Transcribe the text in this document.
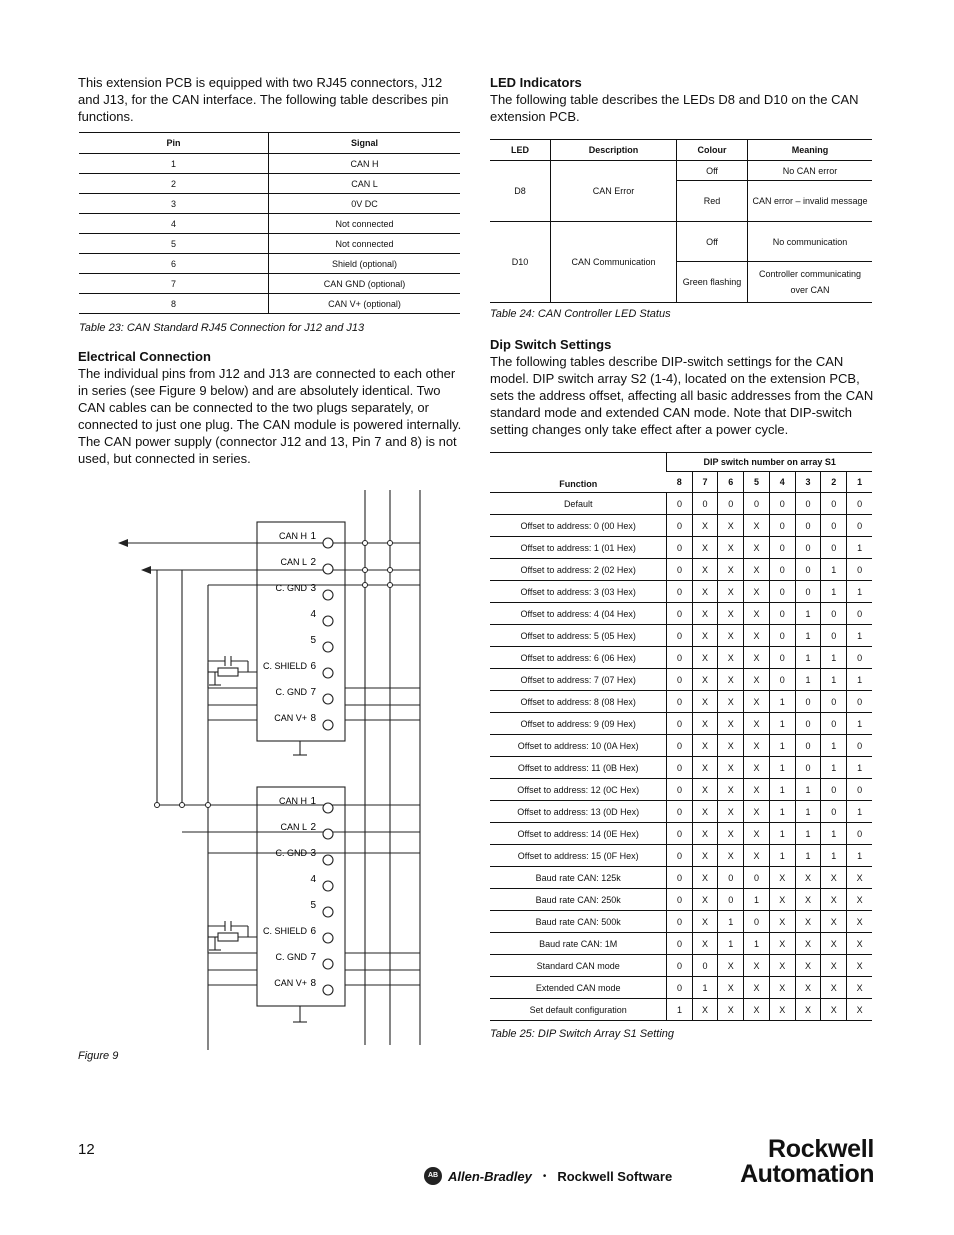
This extension PCB is equipped with two RJ45 connectors, J12 and J13, for the CAN interface. The following table describes pin functions.

Pin	Signal
1	CAN H
2	CAN L
3	0V DC
4	Not connected
5	Not connected
6	Shield (optional)
7	CAN GND (optional)
8	CAN V+ (optional)
Table 23: CAN Standard RJ45 Connection for J12 and J13

Electrical Connection

The individual pins from J12 and J13 are connected to each other in series (see Figure 9 below) and are absolutely identical. Two CAN cables can be connected to the two plugs separately, or connected to just one plug. The CAN module is powered internally. The CAN power supply (connector J12 and 13, Pin 7 and 8) is not used, but connected in series.

1
CAN H
2
CAN L
3
C. GND
4
5
6
C. SHIELD
7
C. GND
8
CAN V+
1
CAN H
2
CAN L
3
C. GND
4
5
6
C. SHIELD
7
C. GND
8
CAN V+
Figure 9

LED Indicators

The following table describes the LEDs D8 and D10 on the CAN extension PCB.

LED	Description	Colour	Meaning
D8	CAN Error	Off	No CAN error
		Red	CAN error – invalid message
D10	CAN Communication	Off	No communication
		Green flashing	Controller communicating over CAN
Table 24: CAN Controller LED Status

Dip Switch Settings

The following tables describe DIP-switch settings for the CAN model. DIP switch array S2 (1-4), located on the extension PCB, sets the address offset, affecting all basic addresses from the CAN standard mode and extended CAN mode. Note that DIP-switch setting changes only take effect after a power cycle.

Function	DIP switch number on array S1							
	8	7	6	5	4	3	2	1
Default	0	0	0	0	0	0	0	0
Offset to address: 0 (00 Hex)	0	X	X	X	0	0	0	0
Offset to address: 1 (01 Hex)	0	X	X	X	0	0	0	1
Offset to address: 2 (02 Hex)	0	X	X	X	0	0	1	0
Offset to address: 3 (03 Hex)	0	X	X	X	0	0	1	1
Offset to address: 4 (04 Hex)	0	X	X	X	0	1	0	0
Offset to address: 5 (05 Hex)	0	X	X	X	0	1	0	1
Offset to address: 6 (06 Hex)	0	X	X	X	0	1	1	0
Offset to address: 7 (07 Hex)	0	X	X	X	0	1	1	1
Offset to address: 8 (08 Hex)	0	X	X	X	1	0	0	0
Offset to address: 9 (09 Hex)	0	X	X	X	1	0	0	1
Offset to address: 10 (0A Hex)	0	X	X	X	1	0	1	0
Offset to address: 11 (0B Hex)	0	X	X	X	1	0	1	1
Offset to address: 12 (0C Hex)	0	X	X	X	1	1	0	0
Offset to address: 13 (0D Hex)	0	X	X	X	1	1	0	1
Offset to address: 14 (0E Hex)	0	X	X	X	1	1	1	0
Offset to address: 15 (0F Hex)	0	X	X	X	1	1	1	1
Baud rate CAN: 125k	0	X	0	0	X	X	X	X
Baud rate CAN: 250k	0	X	0	1	X	X	X	X
Baud rate CAN: 500k	0	X	1	0	X	X	X	X
Baud rate CAN: 1M	0	X	1	1	X	X	X	X
Standard CAN mode	0	0	X	X	X	X	X	X
Extended CAN mode	0	1	X	X	X	X	X	X
Set default configuration	1	X	X	X	X	X	X	X
Table 25: DIP Switch Array S1 Setting
12
AB Allen-Bradley • Rockwell Software
Rockwell
Automation
